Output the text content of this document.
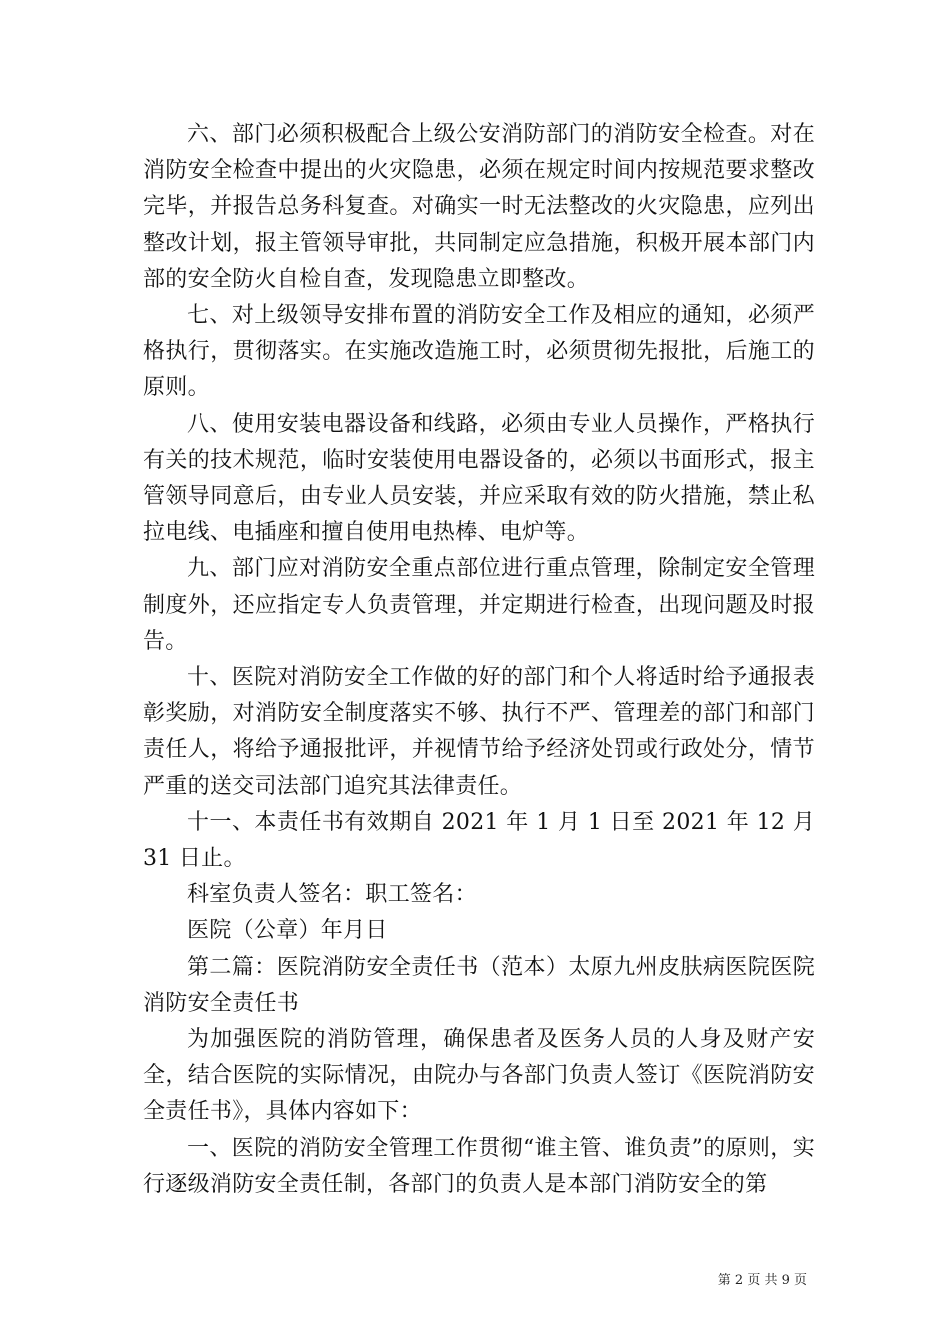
六、部门必须积极配合上级公安消防部门的消防安全检查。对在消防安全检查中提出的火灾隐患，必须在规定时间内按规范要求整改完毕，并报告总务科复查。对确实一时无法整改的火灾隐患，应列出整改计划，报主管领导审批，共同制定应急措施，积极开展本部门内部的安全防火自检自查，发现隐患立即整改。

七、对上级领导安排布置的消防安全工作及相应的通知，必须严格执行，贯彻落实。在实施改造施工时，必须贯彻先报批，后施工的原则。

八、使用安装电器设备和线路，必须由专业人员操作，严格执行有关的技术规范，临时安装使用电器设备的，必须以书面形式，报主管领导同意后，由专业人员安装，并应采取有效的防火措施，禁止私拉电线、电插座和擅自使用电热棒、电炉等。

九、部门应对消防安全重点部位进行重点管理，除制定安全管理制度外，还应指定专人负责管理，并定期进行检查，出现问题及时报告。

十、医院对消防安全工作做的好的部门和个人将适时给予通报表彰奖励，对消防安全制度落实不够、执行不严、管理差的部门和部门责任人，将给予通报批评，并视情节给予经济处罚或行政处分，情节严重的送交司法部门追究其法律责任。

十一、本责任书有效期自 2021 年 1 月 1 日至 2021 年 12 月 31 日止。

科室负责人签名：职工签名：

医院（公章）年月日

第二篇：医院消防安全责任书（范本）太原九州皮肤病医院医院消防安全责任书

为加强医院的消防管理，确保患者及医务人员的人身及财产安全，结合医院的实际情况，由院办与各部门负责人签订《医院消防安全责任书》，具体内容如下：

一、医院的消防安全管理工作贯彻“谁主管、谁负责”的原则，实行逐级消防安全责任制，各部门的负责人是本部门消防安全的第

第 2 页 共 9 页
